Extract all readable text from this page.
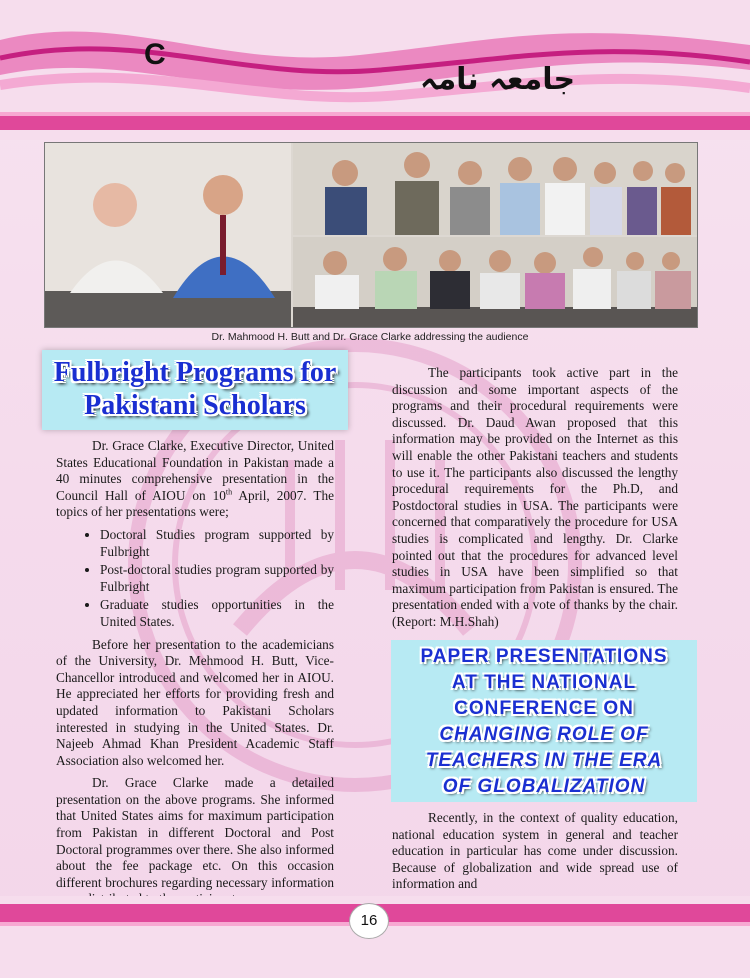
C
جامعہ نامہ
Dr. Mahmood H. Butt and Dr. Grace Clarke addressing the audience
Fulbright Programs for
Pakistani Scholars

Dr. Grace Clarke, Executive Director, United States Educational Foundation in Pakistan made a 40 minutes comprehensive presentation in the Council Hall of AIOU on 10th April, 2007. The topics of her presentations were;

• Doctoral Studies program supported by Fulbright
• Post-doctoral studies program supported by Fulbright
• Graduate studies opportunities in the United States.

Before her presentation to the academicians of the University, Dr. Mehmood H. Butt, Vice-Chancellor introduced and welcomed her in AIOU. He appreciated her efforts for providing fresh and updated information to Pakistani Scholars interested in studying in the United States. Dr. Najeeb Ahmad Khan President Academic Staff Association also welcomed her.

Dr. Grace Clarke made a detailed presentation on the above programs. She informed that United States aims for maximum participation from Pakistan in different Doctoral and Post Doctoral programmes over there. She also informed about the fee package etc. On this occasion different brochures regarding necessary information

The participants took active part in the discussion and some important aspects of the programs and their procedural requirements were discussed. Dr. Daud Awan proposed that this information may be provided on the Internet as this will enable the other Pakistani teachers and students to use it. The participants also discussed the lengthy procedural requirements for the Ph.D, and Postdoctoral studies in USA. The participants were concerned that comparatively the procedure for USA studies is complicated and lengthy. Dr. Clarke pointed out that the procedures for advanced level studies in USA have been simplified so that maximum participation from Pakistan is ensured. The presentation ended with a vote of thanks by the chair. (Report: M.H.Shah)

PAPER PRESENTATIONS
AT THE NATIONAL
CONFERENCE ON
CHANGING ROLE OF
TEACHERS IN THE ERA
OF GLOBALIZATION

Recently, in the context of quality education, national education system in general and teacher education in particular has come under discussion. Because of globalization and wide spread use of information and

16
